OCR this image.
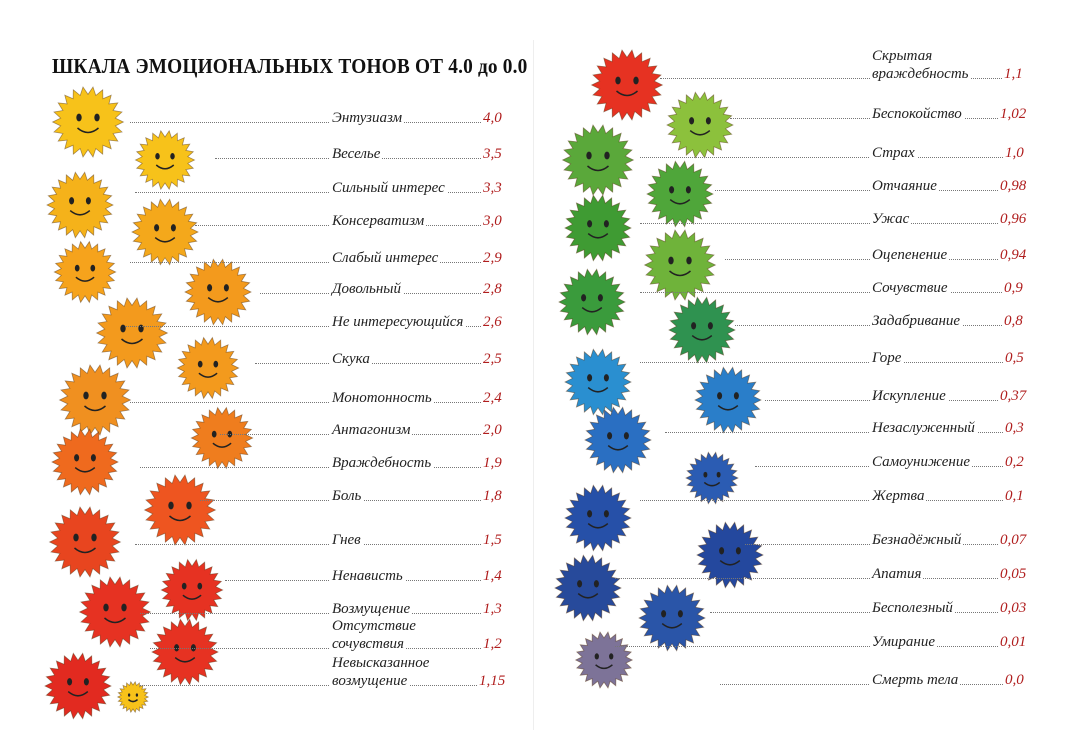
ШКАЛА ЭМОЦИОНАЛЬНЫХ ТОНОВ ОТ 4.0 до 0.0
Энтузиазм	4,0
Веселье	3,5
Сильный интерес	3,3
Консерватизм	3,0
Слабый интерес	2,9
Довольный	2,8
Не интересующийся 2,6
Скука	2,5
Монотонность	2,4
Антагонизм	2,0
Враждебность	1,9
Боль	1,8
Гнев	1,5
Ненависть	1,4
Возмущение	1,3
Отсутствие
сочувствия	1,2
Невысказанное
возмущение	1,15
Скрытая
враждебность 1,1
Беспокойство	1,02
Страх	1,0
Отчаяние	0,98
Ужас	0,96
Оцепенение	0,94
Сочувствие	0,9
Задабривание	0,8
Горе	0,5
Искупление	0,37
Незаслуженный 0,3
Самоунижение 0,2
Жертва	0,1
Безнадёжный	0,07
Апатия	0,05
Бесполезный	0,03
Умирание	0,01
Смерть тела	0,0
